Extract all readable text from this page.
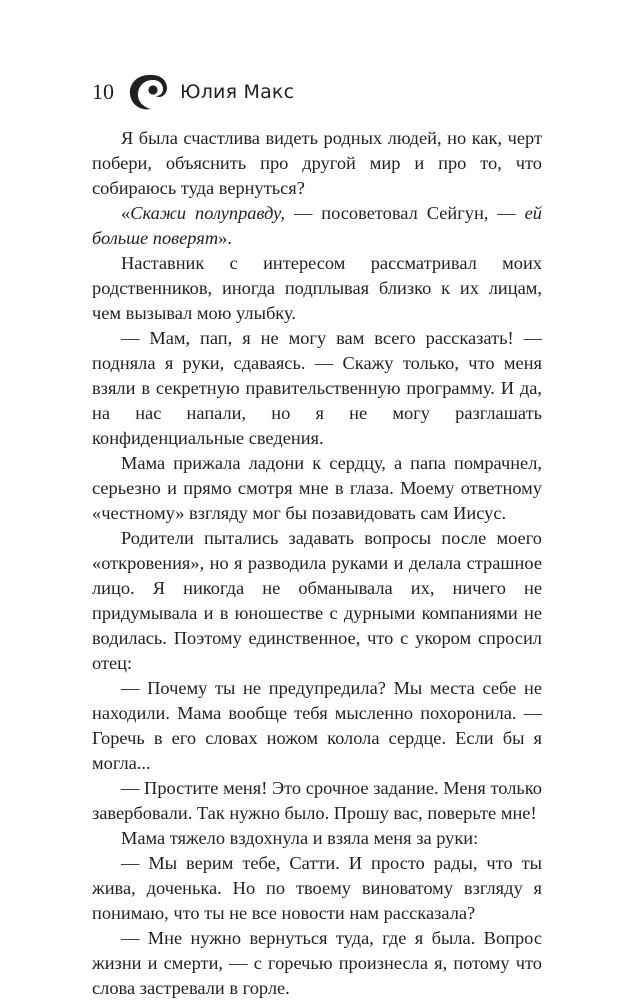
10	Юлия Макс

Я была счастлива видеть родных людей, но как, черт побери, объяснить про другой мир и про то, что собираюсь туда вернуться?

«Скажи полуправду, — посоветовал Сейгун, — ей больше поверят».

Наставник с интересом рассматривал моих родственников, иногда подплывая близко к их лицам, чем вызывал мою улыбку.

— Мам, пап, я не могу вам всего рассказать! — подняла я руки, сдаваясь. — Скажу только, что меня взяли в секретную правительственную программу. И да, на нас напали, но я не могу разглашать конфиденциальные сведения.

Мама прижала ладони к сердцу, а папа помрачнел, серьезно и прямо смотря мне в глаза. Моему ответному «честному» взгляду мог бы позавидовать сам Иисус.

Родители пытались задавать вопросы после моего «откровения», но я разводила руками и делала страшное лицо. Я никогда не обманывала их, ничего не придумывала и в юношестве с дурными компаниями не водилась. Поэтому единственное, что с укором спросил отец:

— Почему ты не предупредила? Мы места себе не находили. Мама вообще тебя мысленно похоронила. — Горечь в его словах ножом колола сердце. Если бы я могла...

— Простите меня! Это срочное задание. Меня только завербовали. Так нужно было. Прошу вас, поверьте мне!

Мама тяжело вздохнула и взяла меня за руки:

— Мы верим тебе, Сатти. И просто рады, что ты жива, доченька. Но по твоему виноватому взгляду я понимаю, что ты не все новости нам рассказала?

— Мне нужно вернуться туда, где я была. Вопрос жизни и смерти, — с горечью произнесла я, потому что слова застревали в горле.
